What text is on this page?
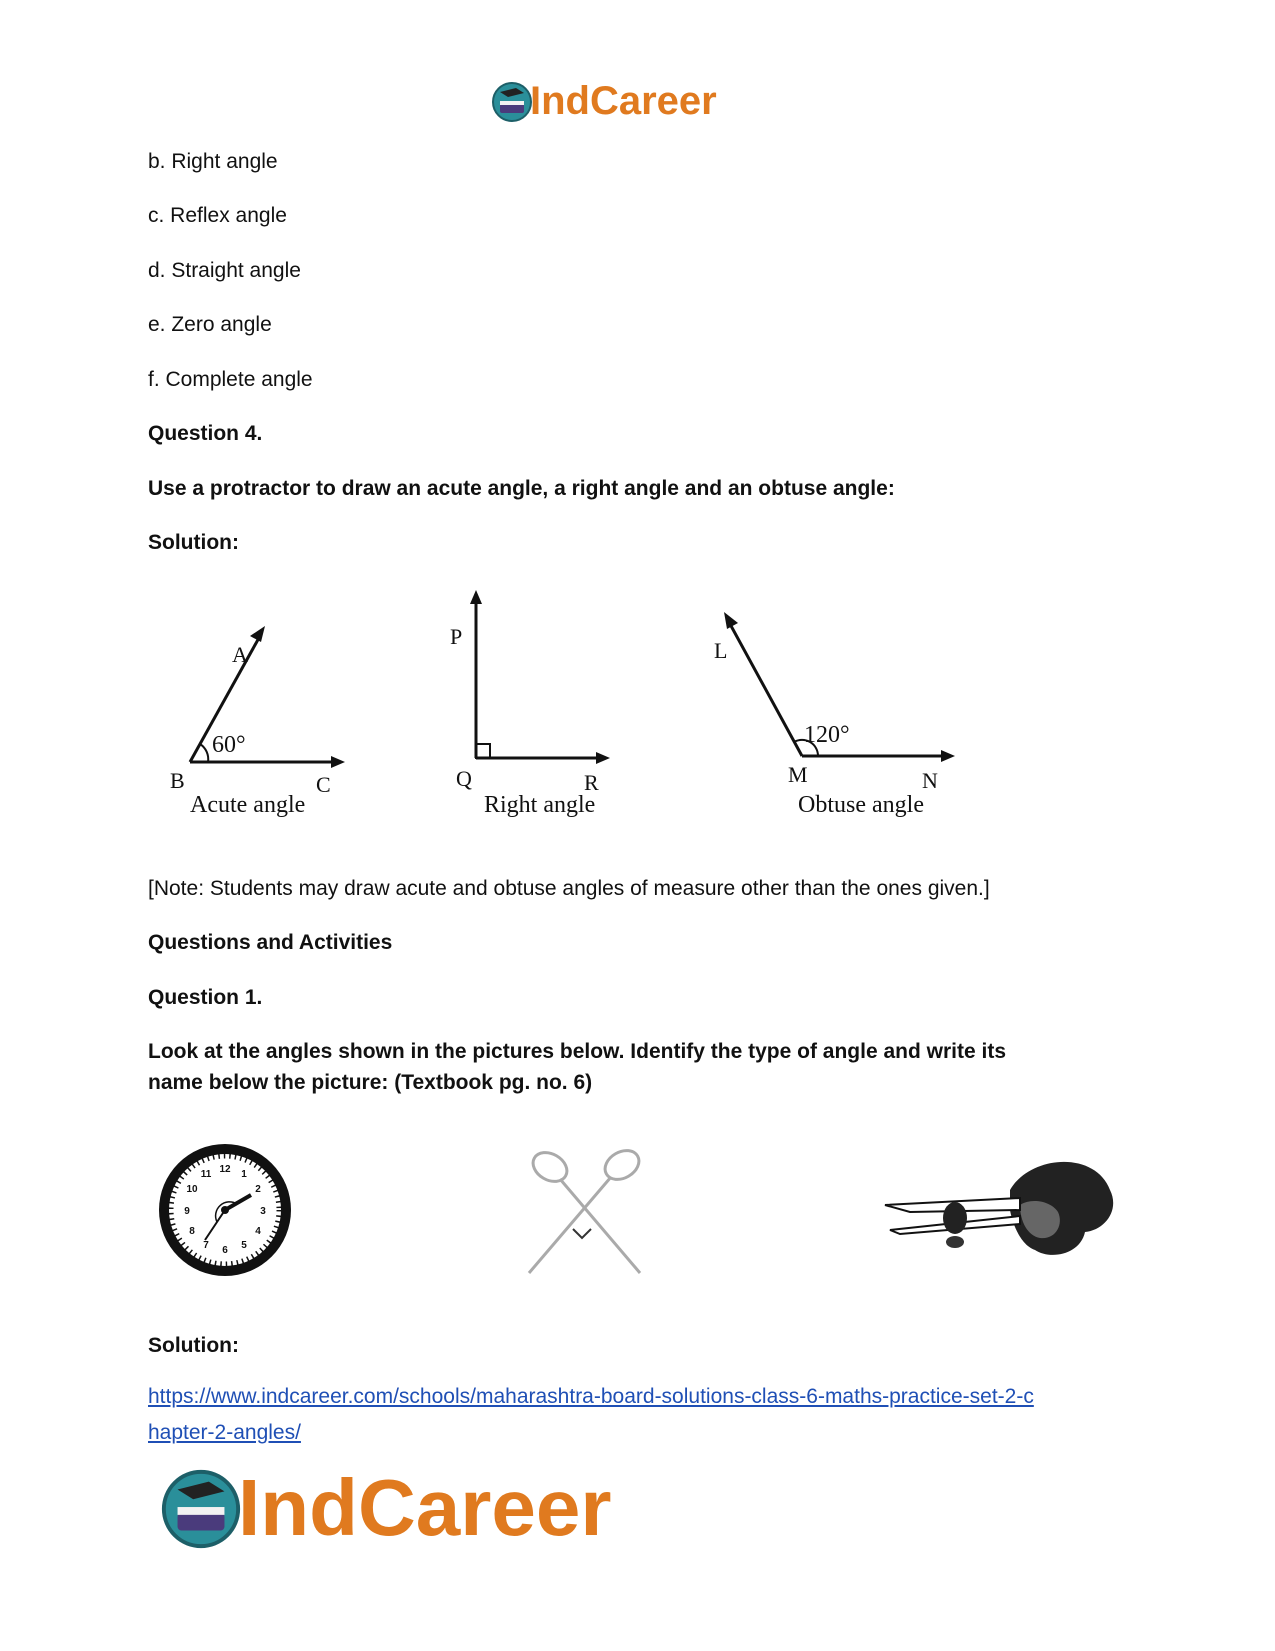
IndCareer
b. Right angle
c. Reflex angle
d. Straight angle
e. Zero angle
f. Complete angle
Question 4.
Use a protractor to draw an acute angle, a right angle and an obtuse angle:
Solution:
60°
A
B	C
Acute angle
P
Q	R
Right angle
120°
L
M	N
Obtuse angle
[Note: Students may draw acute and obtuse angles of measure other than the ones given.]
Questions and Activities
Question 1.
Look at the angles shown in the pictures below. Identify the type of angle and write its
name below the picture: (Textbook pg. no. 6)
12 1
2
3
4
5
6
7
8
9
10
11
Solution:
https://www.indcareer.com/schools/maharashtra-board-solutions-class-6-maths-practice-set-2-c
hapter-2-angles/
IndCareer
